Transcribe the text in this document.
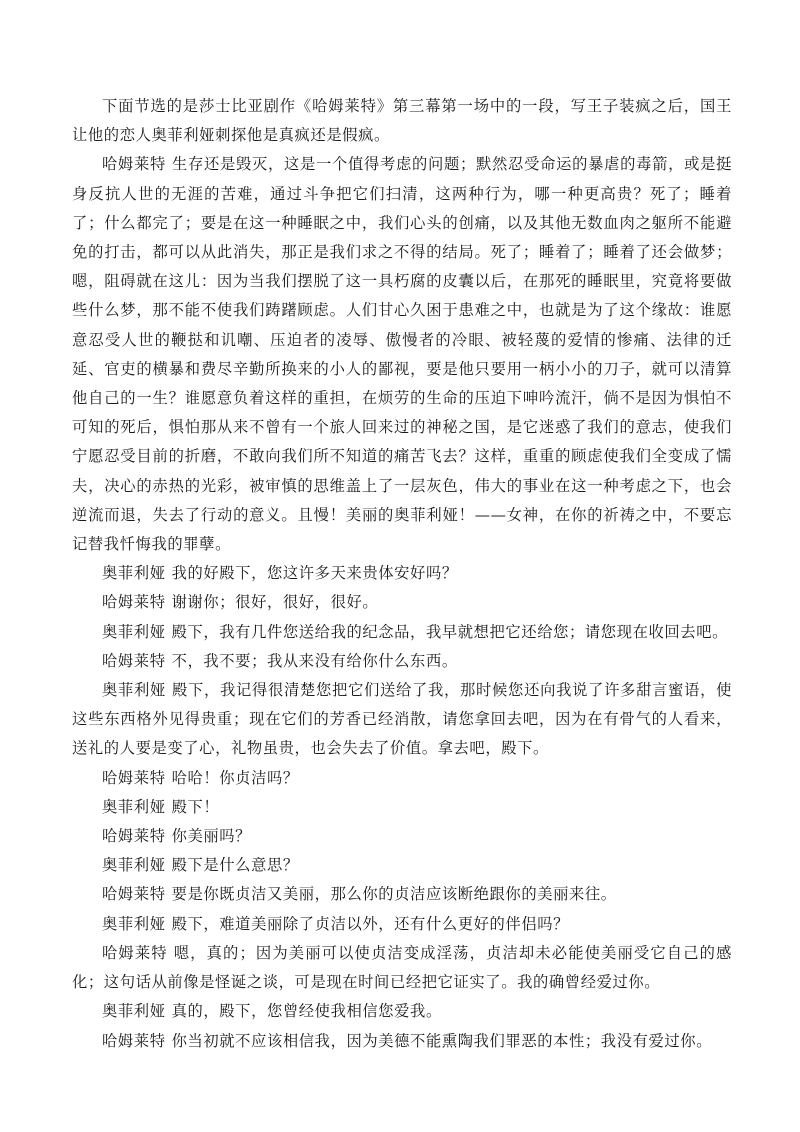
下面节选的是莎士比亚剧作《哈姆莱特》第三幕第一场中的一段，写王子装疯之后，国王让他的恋人奥菲利娅刺探他是真疯还是假疯。

哈姆莱特 生存还是毁灭，这是一个值得考虑的问题；默然忍受命运的暴虐的毒箭，或是挺身反抗人世的无涯的苦难，通过斗争把它们扫清，这两种行为，哪一种更高贵？死了；睡着了；什么都完了；要是在这一种睡眠之中，我们心头的创痛，以及其他无数血肉之躯所不能避免的打击，都可以从此消失，那正是我们求之不得的结局。死了；睡着了；睡着了还会做梦；嗯，阻碍就在这儿：因为当我们摆脱了这一具朽腐的皮囊以后，在那死的睡眠里，究竟将要做些什么梦，那不能不使我们踌躇顾虑。人们甘心久困于患难之中，也就是为了这个缘故：谁愿意忍受人世的鞭挞和讥嘲、压迫者的凌辱、傲慢者的冷眼、被轻蔑的爱情的惨痛、法律的迁延、官吏的横暴和费尽辛勤所换来的小人的鄙视，要是他只要用一柄小小的刀子，就可以清算他自己的一生？谁愿意负着这样的重担，在烦劳的生命的压迫下呻吟流汗，倘不是因为惧怕不可知的死后，惧怕那从来不曾有一个旅人回来过的神秘之国，是它迷惑了我们的意志，使我们宁愿忍受目前的折磨，不敢向我们所不知道的痛苦飞去？这样，重重的顾虑使我们全变成了懦夫，决心的赤热的光彩，被审慎的思维盖上了一层灰色，伟大的事业在这一种考虑之下，也会逆流而退，失去了行动的意义。且慢！美丽的奥菲利娅！——女神，在你的祈祷之中，不要忘记替我忏悔我的罪孽。

奥菲利娅 我的好殿下，您这许多天来贵体安好吗？

哈姆莱特 谢谢你；很好，很好，很好。

奥菲利娅 殿下，我有几件您送给我的纪念品，我早就想把它还给您；请您现在收回去吧。

哈姆莱特 不，我不要；我从来没有给你什么东西。

奥菲利娅 殿下，我记得很清楚您把它们送给了我，那时候您还向我说了许多甜言蜜语，使这些东西格外见得贵重；现在它们的芳香已经消散，请您拿回去吧，因为在有骨气的人看来，送礼的人要是变了心，礼物虽贵，也会失去了价值。拿去吧，殿下。

哈姆莱特 哈哈！你贞洁吗？

奥菲利娅 殿下！

哈姆莱特 你美丽吗？

奥菲利娅 殿下是什么意思？

哈姆莱特 要是你既贞洁又美丽，那么你的贞洁应该断绝跟你的美丽来往。

奥菲利娅 殿下，难道美丽除了贞洁以外，还有什么更好的伴侣吗？

哈姆莱特 嗯，真的；因为美丽可以使贞洁变成淫荡，贞洁却未必能使美丽受它自己的感化；这句话从前像是怪诞之谈，可是现在时间已经把它证实了。我的确曾经爱过你。

奥菲利娅 真的，殿下，您曾经使我相信您爱我。

哈姆莱特 你当初就不应该相信我，因为美德不能熏陶我们罪恶的本性；我没有爱过你。
